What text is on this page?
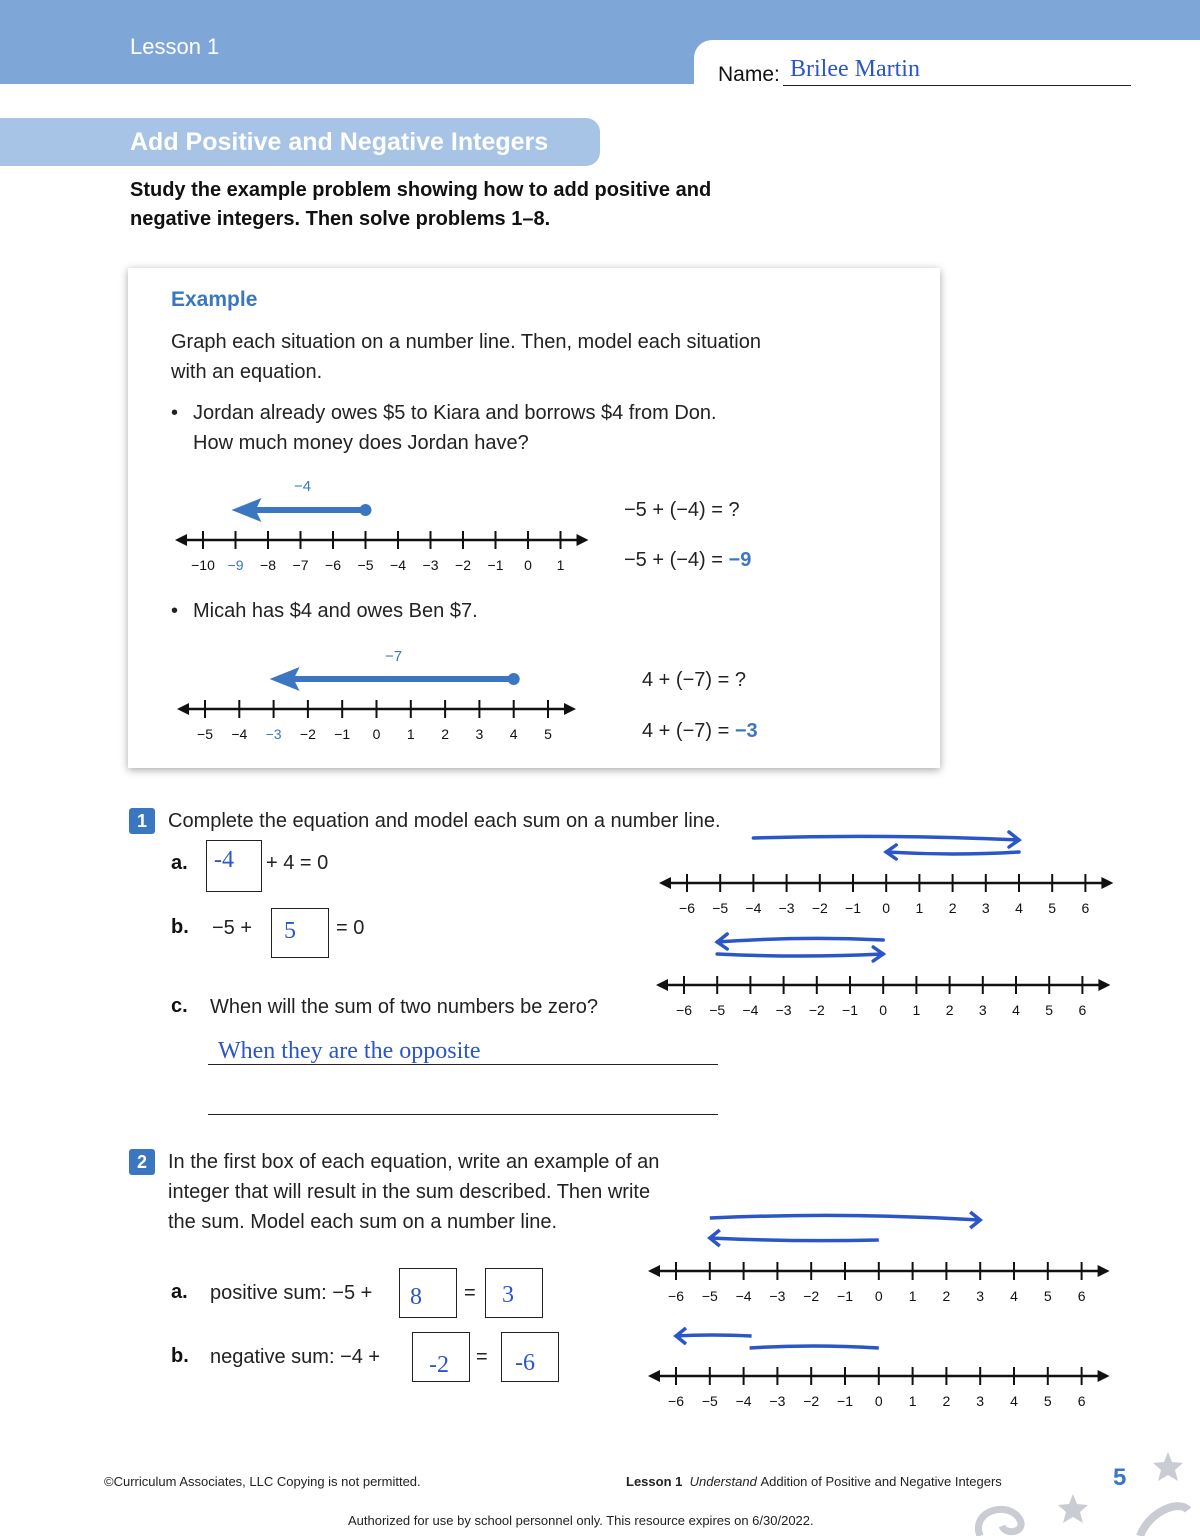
Lesson 1
Name: Brilee Martin
Add Positive and Negative Integers
Study the example problem showing how to add positive and negative integers. Then solve problems 1–8.
Example
Graph each situation on a number line. Then, model each situation with an equation.
• Jordan already owes $5 to Kiara and borrows $4 from Don.
How much money does Jordan have?
−4
−10 −9 −8 −7 −6 −5 −4 −3 −2 −1 0 1
−5 + (−4) = ?
−5 + (−4) = −9
• Micah has $4 and owes Ben $7.
−7
−5 −4 −3 −2 −1 0 1 2 3 4 5
4 + (−7) = ?
4 + (−7) = −3
1	Complete the equation and model each sum on a number line.
a. -4 + 4 = 0
b. −5 + 5 = 0
−6 −5 −4 −3 −2 −1 0 1 2 3 4 5 6
−6 −5 −4 −3 −2 −1 0 1 2 3 4 5 6
c. When will the sum of two numbers be zero?
When they are the opposite
2	In the first box of each equation, write an example of an
integer that will result in the sum described. Then write
the sum. Model each sum on a number line.
a. positive sum: −5 + 8 = 3
b. negative sum: −4 + -2 = -6
−6 −5 −4 −3 −2 −1 0 1 2 3 4 5 6
−6 −5 −4 −3 −2 −1 0 1 2 3 4 5 6
©Curriculum Associates, LLC Copying is not permitted.	Lesson 1 Understand Addition of Positive and Negative Integers	5
Authorized for use by school personnel only. This resource expires on 6/30/2022.
